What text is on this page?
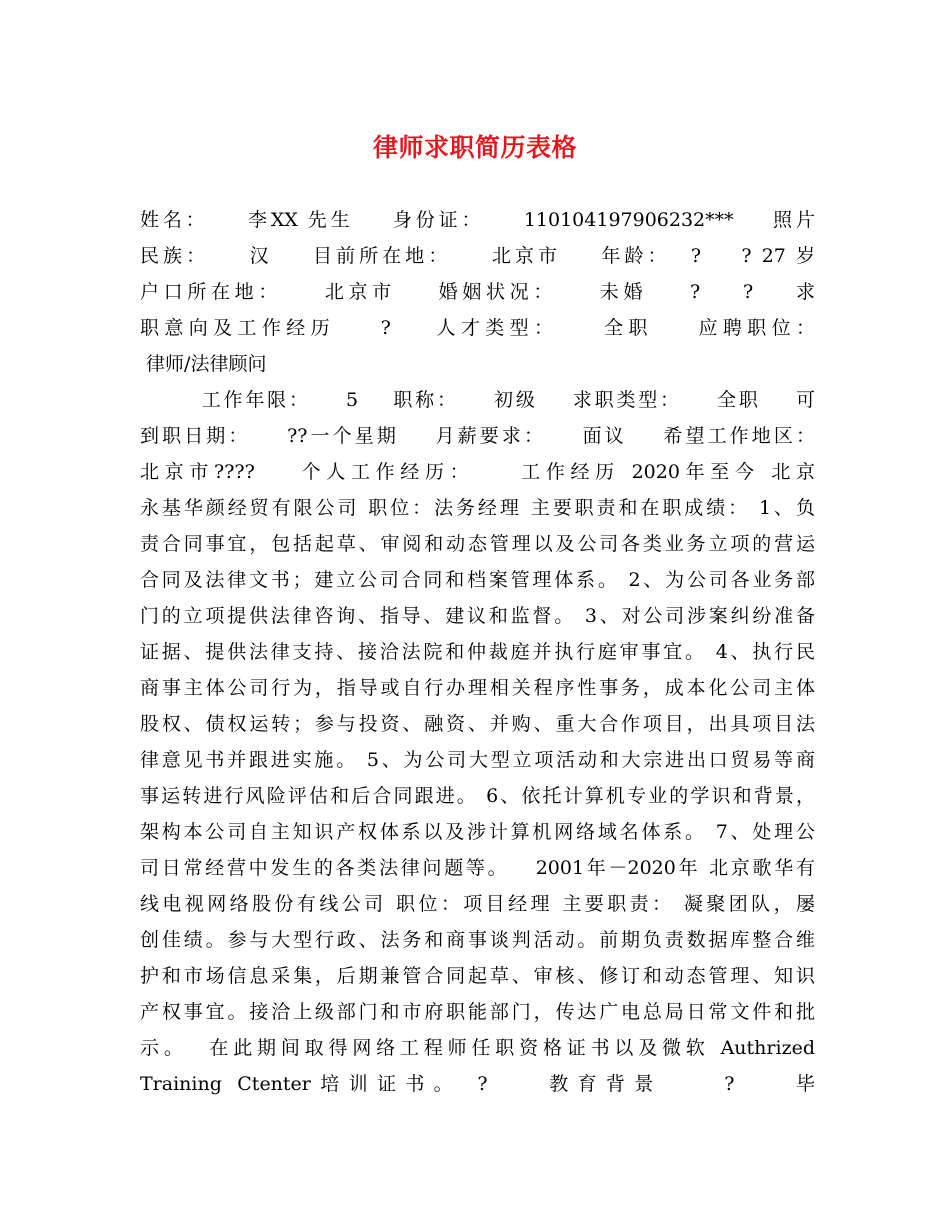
律师求职简历表格
姓名：    李XX 先生    身份证：    110104197906232***    照片
民族：    汉    目前所在地：    北京市    年龄：  ?    ? 27 岁
户口所在地：    北京市    婚姻状况：    未婚    ?    ?    求
职意向及工作经历    ?    人才类型：    全职    应聘职位：
律师/法律顾问
工作年限：    5    职称：    初级    求职类型：    全职    可
到职日期：    ??一个星期    月薪要求：    面议    希望工作地区：
北京市????    个人工作经历：    工作经历 2020年至今 北京
永基华颜经贸有限公司 职位：法务经理 主要职责和在职成绩： 1、负
责合同事宜，包括起草、审阅和动态管理以及公司各类业务立项的营运
合同及法律文书；建立公司合同和档案管理体系。 2、为公司各业务部
门的立项提供法律咨询、指导、建议和监督。 3、对公司涉案纠纷准备
证据、提供法律支持、接洽法院和仲裁庭并执行庭审事宜。 4、执行民
商事主体公司行为，指导或自行办理相关程序性事务，成本化公司主体
股权、债权运转；参与投资、融资、并购、重大合作项目，出具项目法
律意见书并跟进实施。 5、为公司大型立项活动和大宗进出口贸易等商
事运转进行风险评估和后合同跟进。 6、依托计算机专业的学识和背景，
架构本公司自主知识产权体系以及涉计算机网络域名体系。 7、处理公
司日常经营中发生的各类法律问题等。   2001年－2020年 北京歌华有
线电视网络股份有线公司 职位：项目经理 主要职责： 凝聚团队，屡
创佳绩。参与大型行政、法务和商事谈判活动。前期负责数据库整合维
护和市场信息采集，后期兼管合同起草、审核、修订和动态管理、知识
产权事宜。接洽上级部门和市府职能部门，传达广电总局日常文件和批
示。  在此期间取得网络工程师任职资格证书以及微软 Authrized
Training Ctenter培训证书。 ?    教育背景    ?    毕
